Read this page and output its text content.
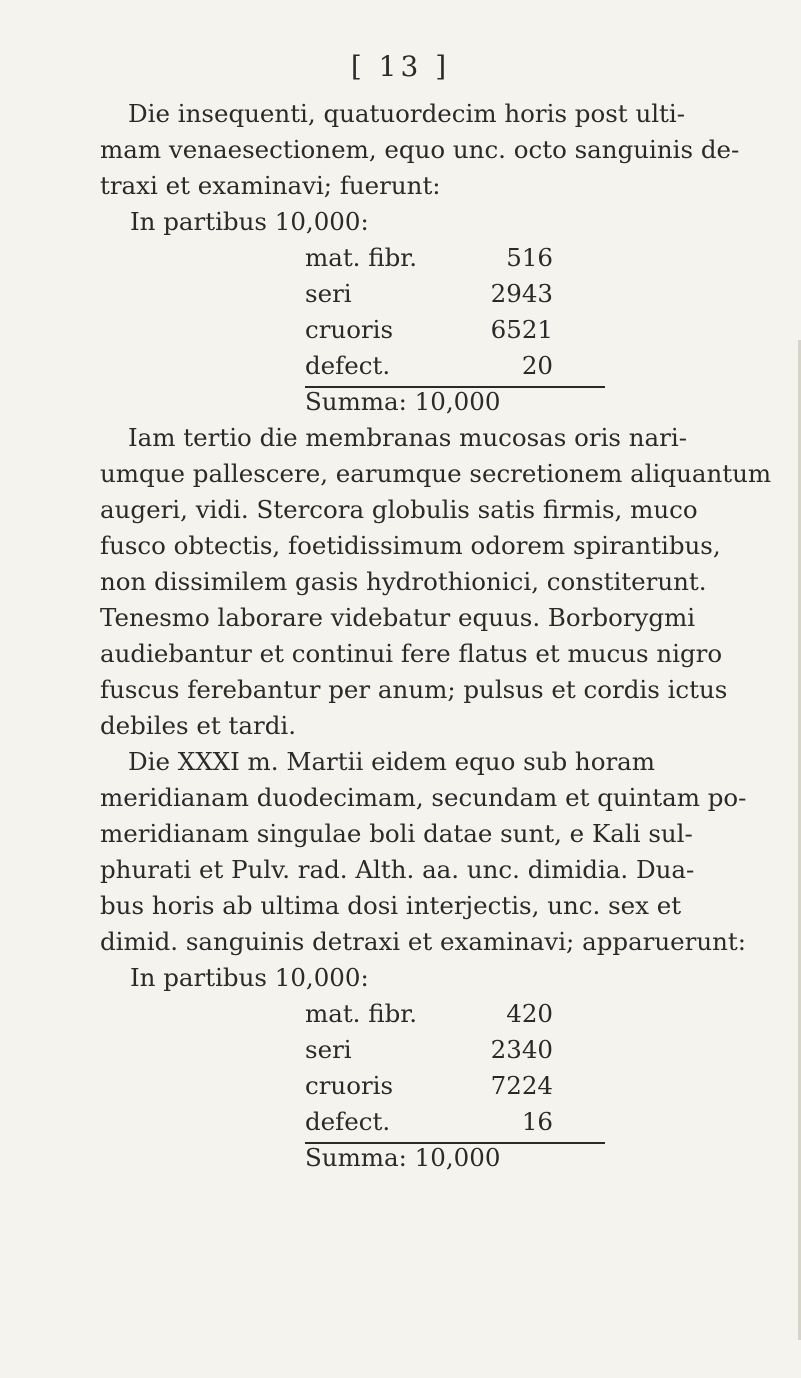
[ 13 ]
Die insequenti, quatuordecim horis post ulti-
mam venaesectionem, equo unc. octo sanguinis de-
traxi et examinavi; fuerunt:
In partibus 10,000:
mat. fibr.	516
seri	2943
cruoris	6521
defect.	20
Summa: 10,000
Iam tertio die membranas mucosas oris nari-
umque pallescere, earumque secretionem aliquantum
augeri, vidi. Stercora globulis satis firmis, muco
fusco obtectis, foetidissimum odorem spirantibus,
non dissimilem gasis hydrothionici, constiterunt.
Tenesmo laborare videbatur equus. Borborygmi
audiebantur et continui fere flatus et mucus nigro
fuscus ferebantur per anum; pulsus et cordis ictus
debiles et tardi.
Die XXXI m. Martii eidem equo sub horam
meridianam duodecimam, secundam et quintam po-
meridianam singulae boli datae sunt, e Kali sul-
phurati et Pulv. rad. Alth. aa. unc. dimidia. Dua-
bus horis ab ultima dosi interjectis, unc. sex et
dimid. sanguinis detraxi et examinavi; apparuerunt:
In partibus 10,000:
mat. fibr.	420
seri	2340
cruoris	7224
defect.	16
Summa: 10,000
